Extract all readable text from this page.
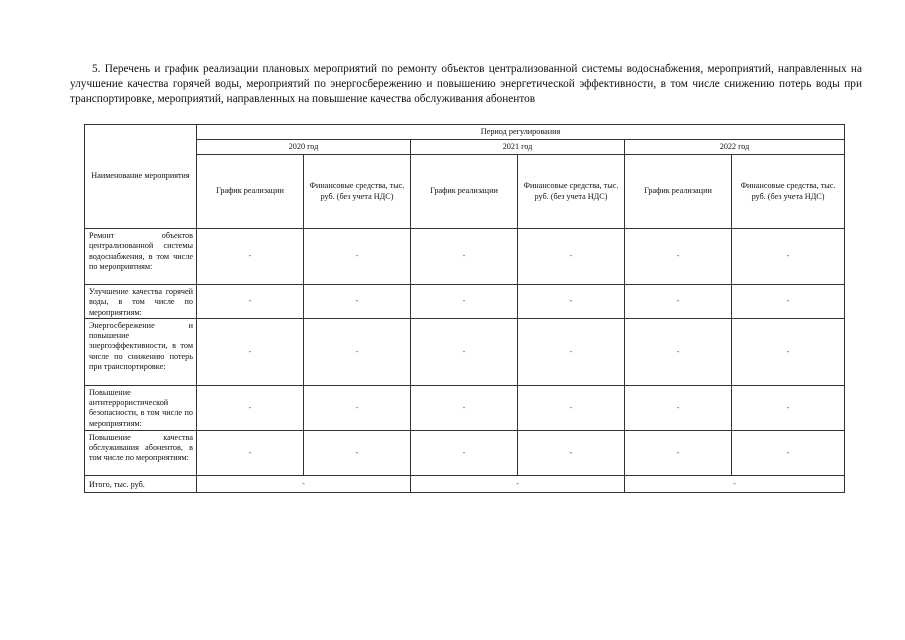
5. Перечень и график реализации плановых мероприятий по ремонту объектов централизованной системы водоснабжения, мероприятий, направленных на улучшение качества горячей воды, мероприятий по энергосбережению и повышению энергетической эффективности, в том числе снижению потерь воды при транспортировке, мероприятий, направленных на повышение качества обслуживания абонентов
Наименование мероприятия	Период регулирования					
	2020 год		2021 год		2022 год	
	График реализации	Финансовые средства, тыс. руб. (без учета НДС)	График реализации	Финансовые средства, тыс. руб. (без учета НДС)	График реализации	Финансовые средства, тыс. руб. (без учета НДС)
Ремонт объектов централизованной системы водоснабжения, в том числе по мероприятиям:	-	-	-	-	-	-
Улучшение качества горячей воды, в том числе по мероприятиям:	-	-	-	-	-	-
Энергосбережение и повышение энергоэффективности, в том числе по снижению потерь при транспортировке:	-	-	-	-	-	-
Повышение антитеррористической безопасности, в том числе по мероприятиям:	-	-	-	-	-	-
Повышение качества обслуживания абонентов, в том числе по мероприятиям:	-	-	-	-	-	-
Итого, тыс. руб.	-		-		-	
